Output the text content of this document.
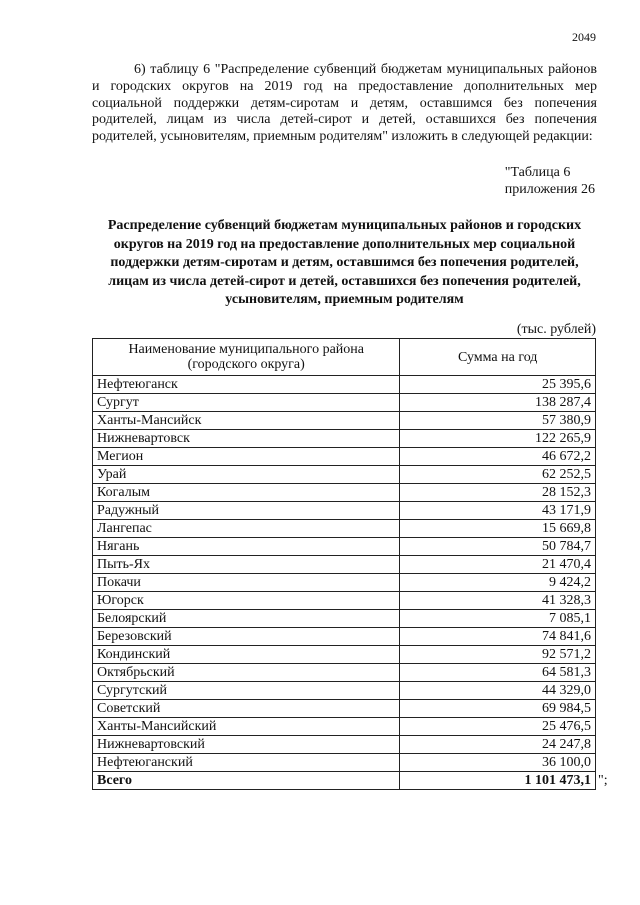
2049

6) таблицу 6 "Распределение субвенций бюджетам муниципальных районов и городских округов на 2019 год на предоставление дополнительных мер социальной поддержки детям-сиротам и детям, оставшимся без попечения родителей, лицам из числа детей-сирот и детей, оставшихся без попечения родителей, усыновителям, приемным родителям" изложить в следующей редакции:

"Таблица 6
приложения 26
Распределение субвенций бюджетам муниципальных районов и городских округов на 2019 год на предоставление дополнительных мер социальной поддержки детям-сиротам и детям, оставшимся без попечения родителей, лицам из числа детей-сирот и детей, оставшихся без попечения родителей, усыновителям, приемным родителям
(тыс. рублей)
Наименование муниципального района (городского округа)	Сумма на год
Нефтеюганск	25 395,6
Сургут	138 287,4
Ханты-Мансийск	57 380,9
Нижневартовск	122 265,9
Мегион	46 672,2
Урай	62 252,5
Когалым	28 152,3
Радужный	43 171,9
Лангепас	15 669,8
Нягань	50 784,7
Пыть-Ях	21 470,4
Покачи	9 424,2
Югорск	41 328,3
Белоярский	7 085,1
Березовский	74 841,6
Кондинский	92 571,2
Октябрьский	64 581,3
Сургутский	44 329,0
Советский	69 984,5
Ханты-Мансийский	25 476,5
Нижневартовский	24 247,8
Нефтеюганский	36 100,0
Всего	1 101 473,1 ";
